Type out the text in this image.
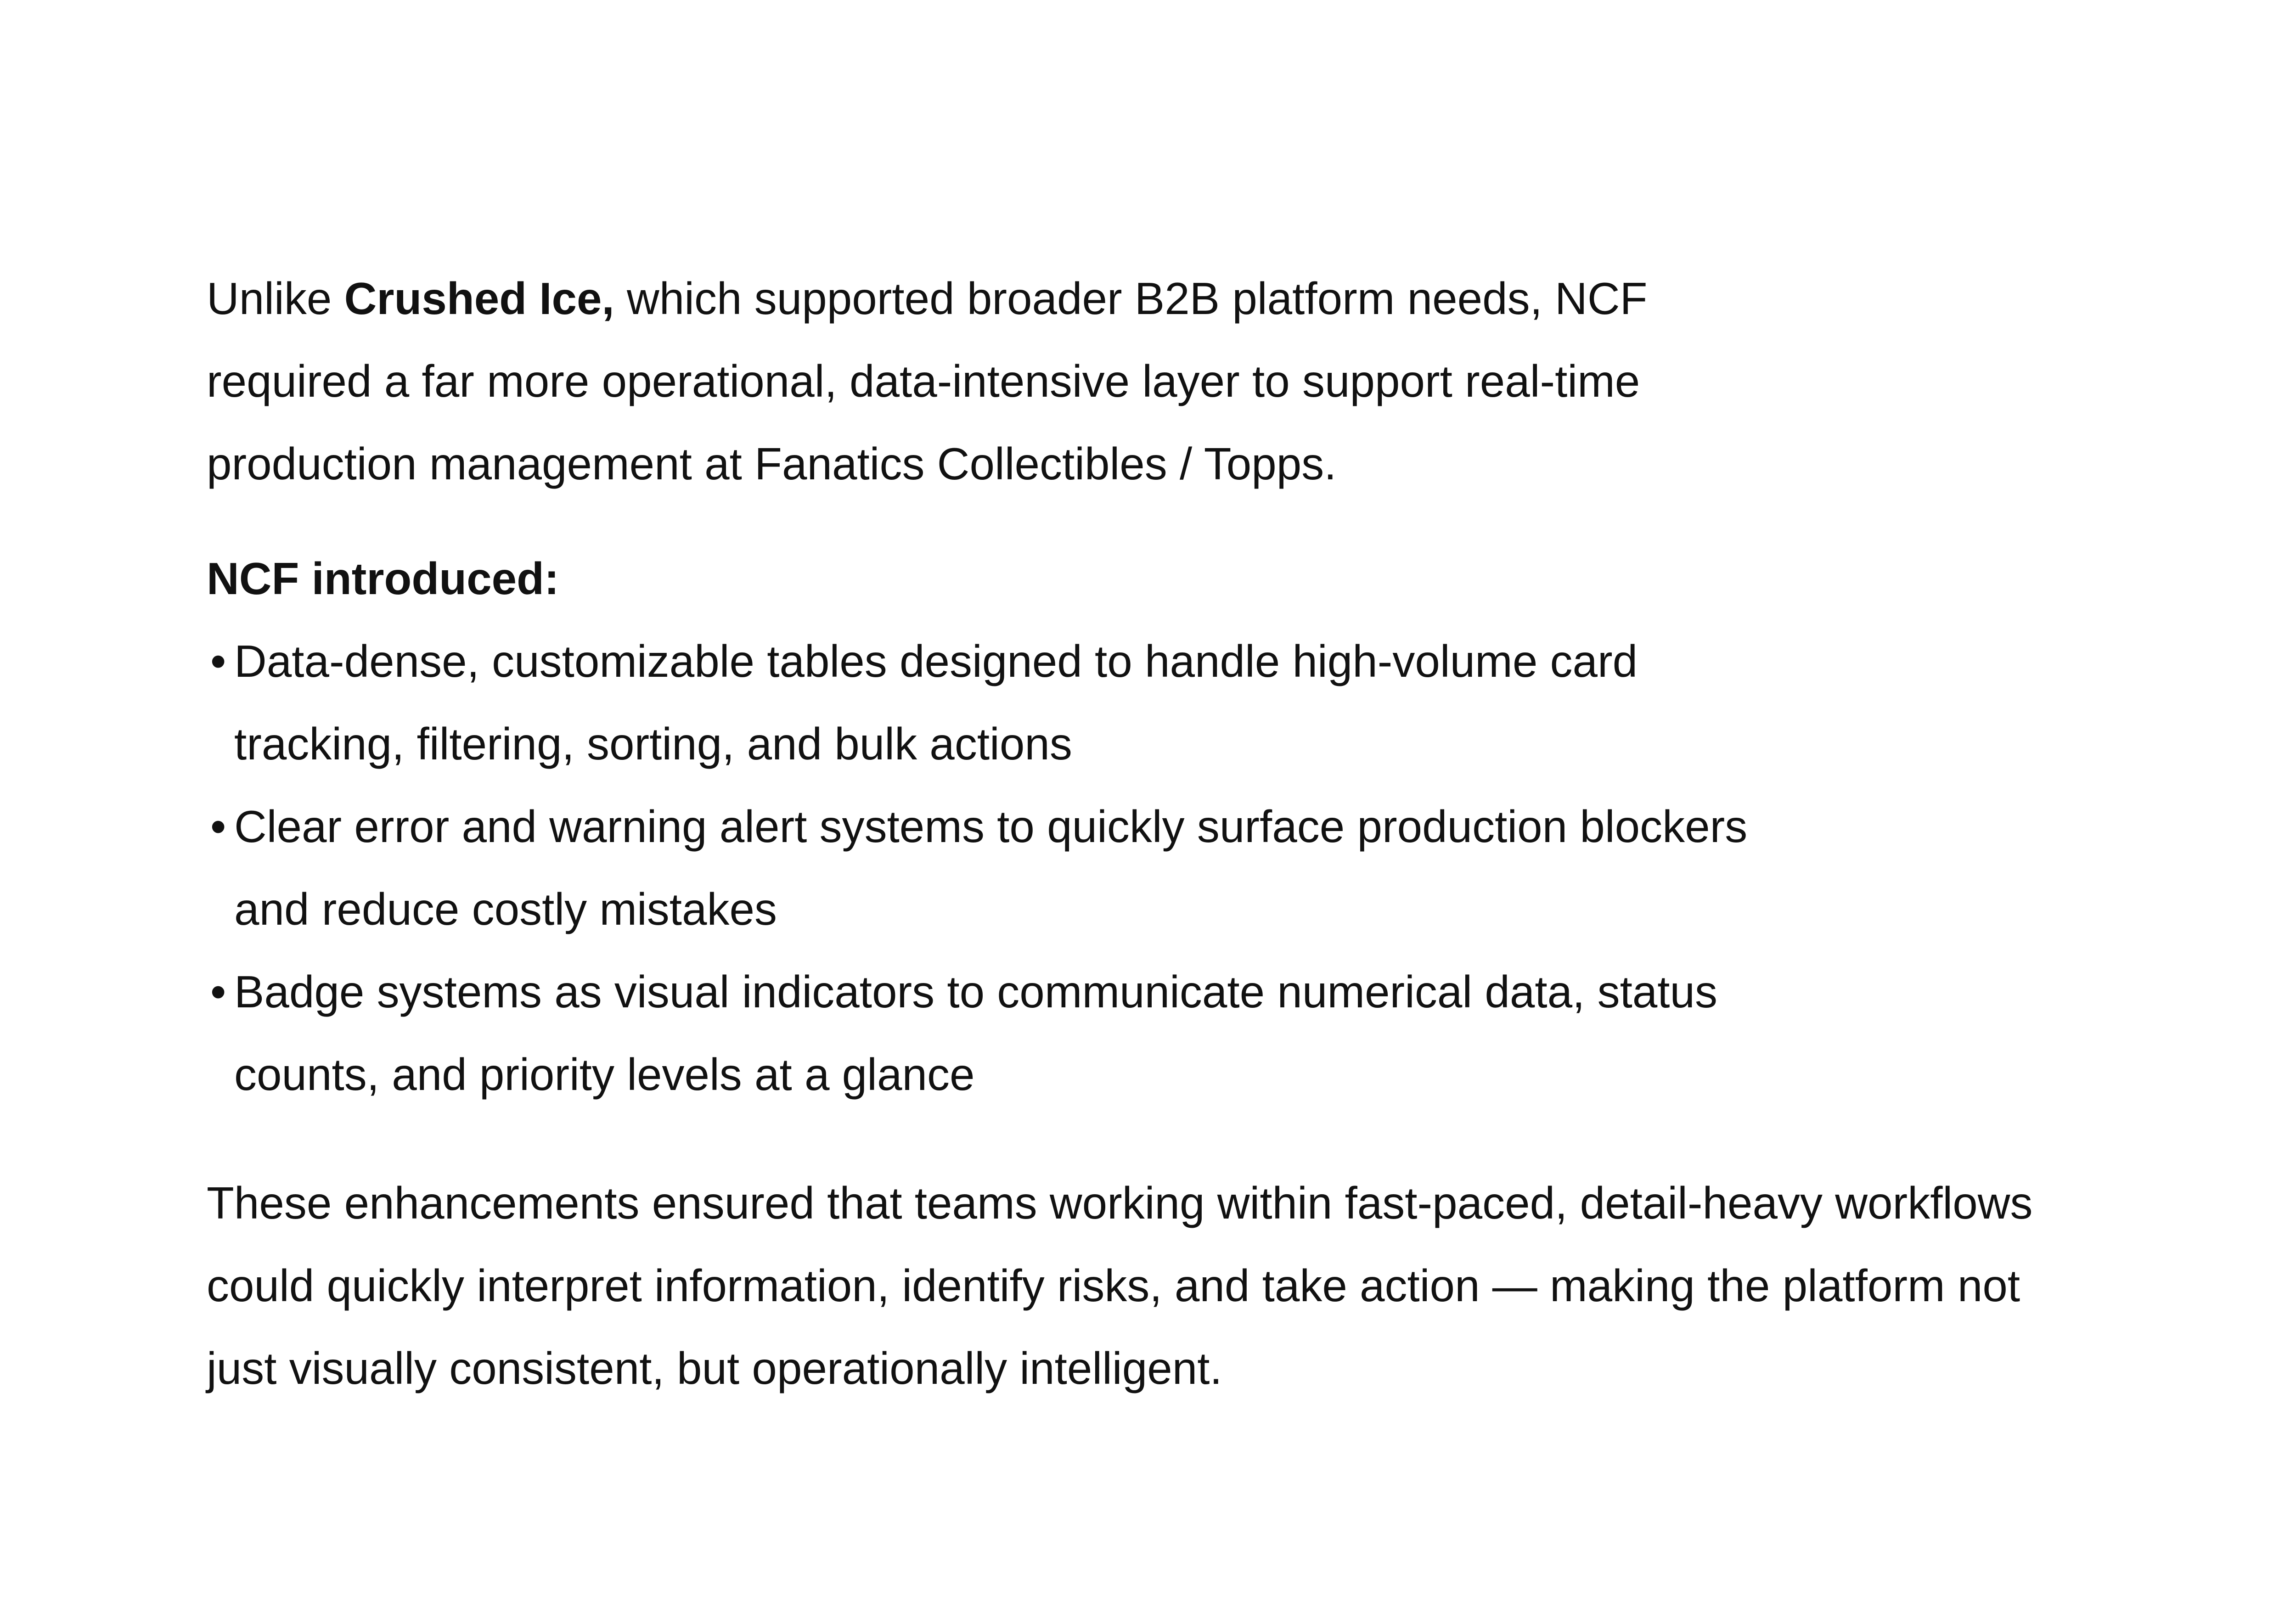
Unlike Crushed Ice, which supported broader B2B platform needs, NCF required a far more operational, data-intensive layer to support real-time production management at Fanatics Collectibles / Topps.

NCF introduced:

• Data-dense, customizable tables designed to handle high-volume card tracking, filtering, sorting, and bulk actions
• Clear error and warning alert systems to quickly surface production blockers and reduce costly mistakes
• Badge systems as visual indicators to communicate numerical data, status counts, and priority levels at a glance

These enhancements ensured that teams working within fast-paced, detail-heavy workflows
could quickly interpret information, identify risks, and take action — making the platform not
just visually consistent, but operationally intelligent.
